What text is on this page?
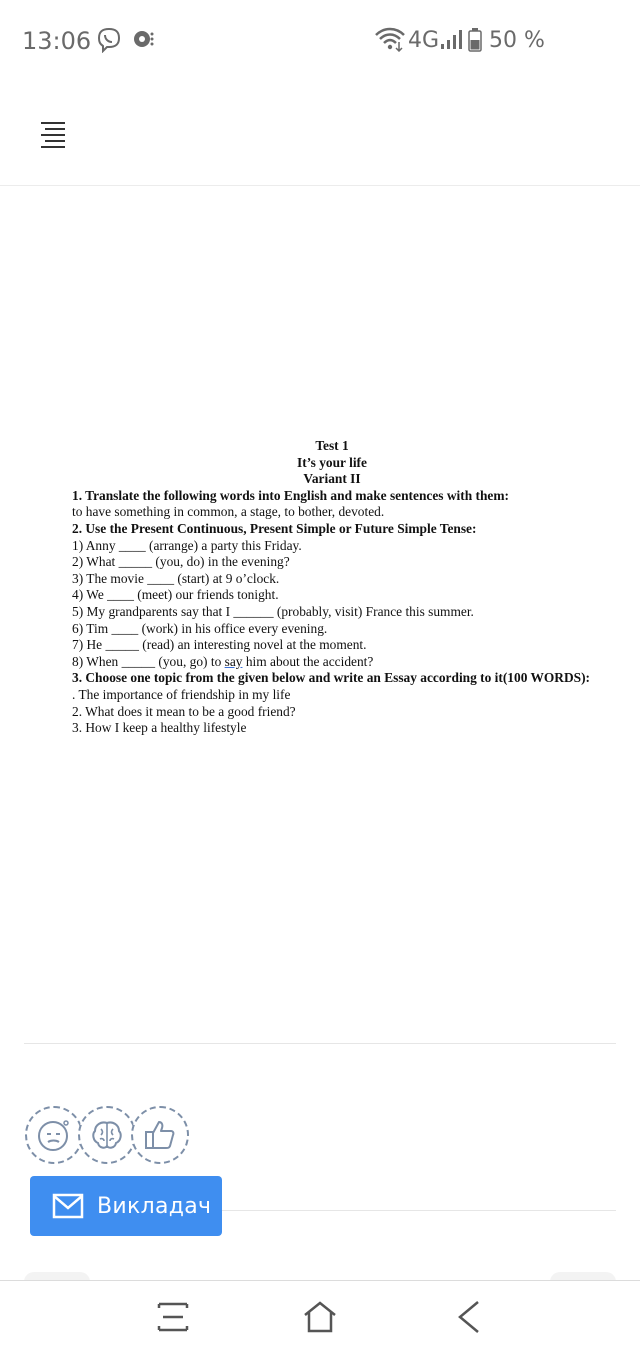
13:06	4G 50 %
Test 1
It’s your life
Variant II
1. Translate the following words into English and make sentences with them:
to have something in common, a stage, to bother, devoted.
2. Use the Present Continuous, Present Simple or Future Simple Tense:
1) Anny ____ (arrange) a party this Friday.
2) What _____ (you, do) in the evening?
3) The movie ____ (start) at 9 o’clock.
4) We ____ (meet) our friends tonight.
5) My grandparents say that I ______ (probably, visit) France this summer.
6) Tim ____ (work) in his office every evening.
7) He _____ (read) an interesting novel at the moment.
8) When _____ (you, go) to say him about the accident?
3. Choose one topic from the given below and write an Essay according to it(100 WORDS):
. The importance of friendship in my life
2. What does it mean to be a good friend?
3. How I keep a healthy lifestyle
Викладач
